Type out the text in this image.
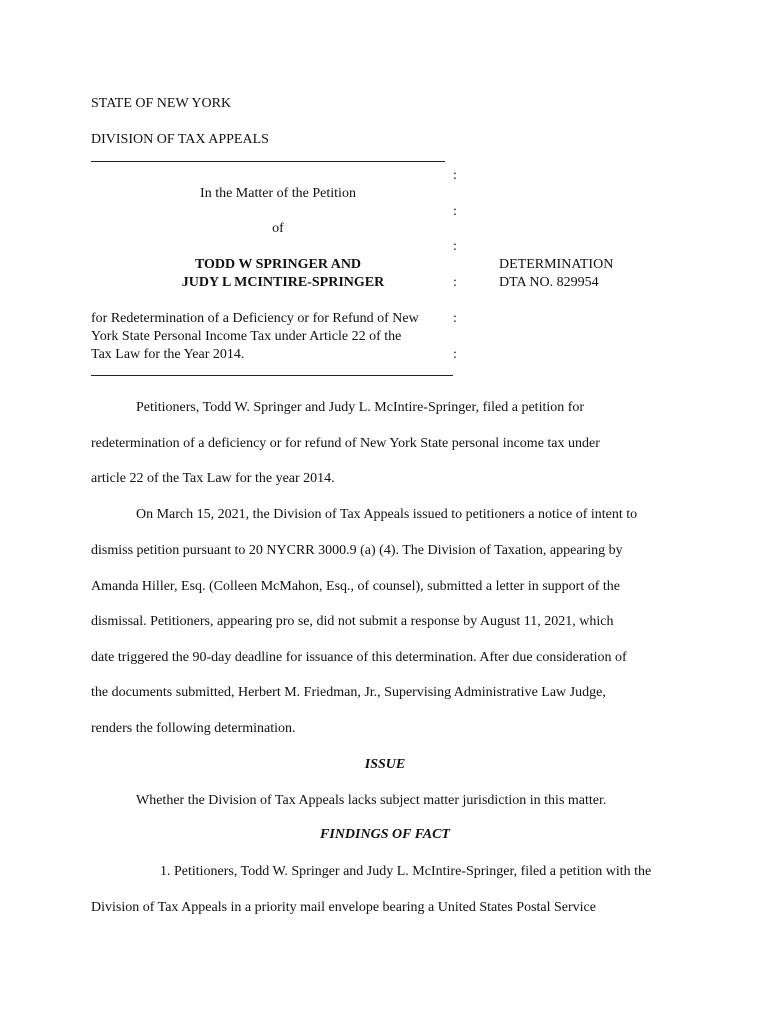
STATE OF NEW YORK
DIVISION OF TAX APPEALS
:
In the Matter of the Petition
:
of
:
TODD W SPRINGER AND
JUDY L MCINTIRE-SPRINGER	:
DETERMINATION
DTA NO. 829954
for Redetermination of a Deficiency or for Refund of New :
York State Personal Income Tax under Article 22 of the
Tax Law for the Year 2014.	:
Petitioners, Todd W. Springer and Judy L. McIntire-Springer, filed a petition for
redetermination of a deficiency or for refund of New York State personal income tax under
article 22 of the Tax Law for the year 2014.
On March 15, 2021, the Division of Tax Appeals issued to petitioners a notice of intent to
dismiss petition pursuant to 20 NYCRR 3000.9 (a) (4). The Division of Taxation, appearing by
Amanda Hiller, Esq. (Colleen McMahon, Esq., of counsel), submitted a letter in support of the
dismissal. Petitioners, appearing pro se, did not submit a response by August 11, 2021, which
date triggered the 90-day deadline for issuance of this determination. After due consideration of
the documents submitted, Herbert M. Friedman, Jr., Supervising Administrative Law Judge,
renders the following determination.
ISSUE
Whether the Division of Tax Appeals lacks subject matter jurisdiction in this matter.
FINDINGS OF FACT
1. Petitioners, Todd W. Springer and Judy L. McIntire-Springer, filed a petition with the
Division of Tax Appeals in a priority mail envelope bearing a United States Postal Service
